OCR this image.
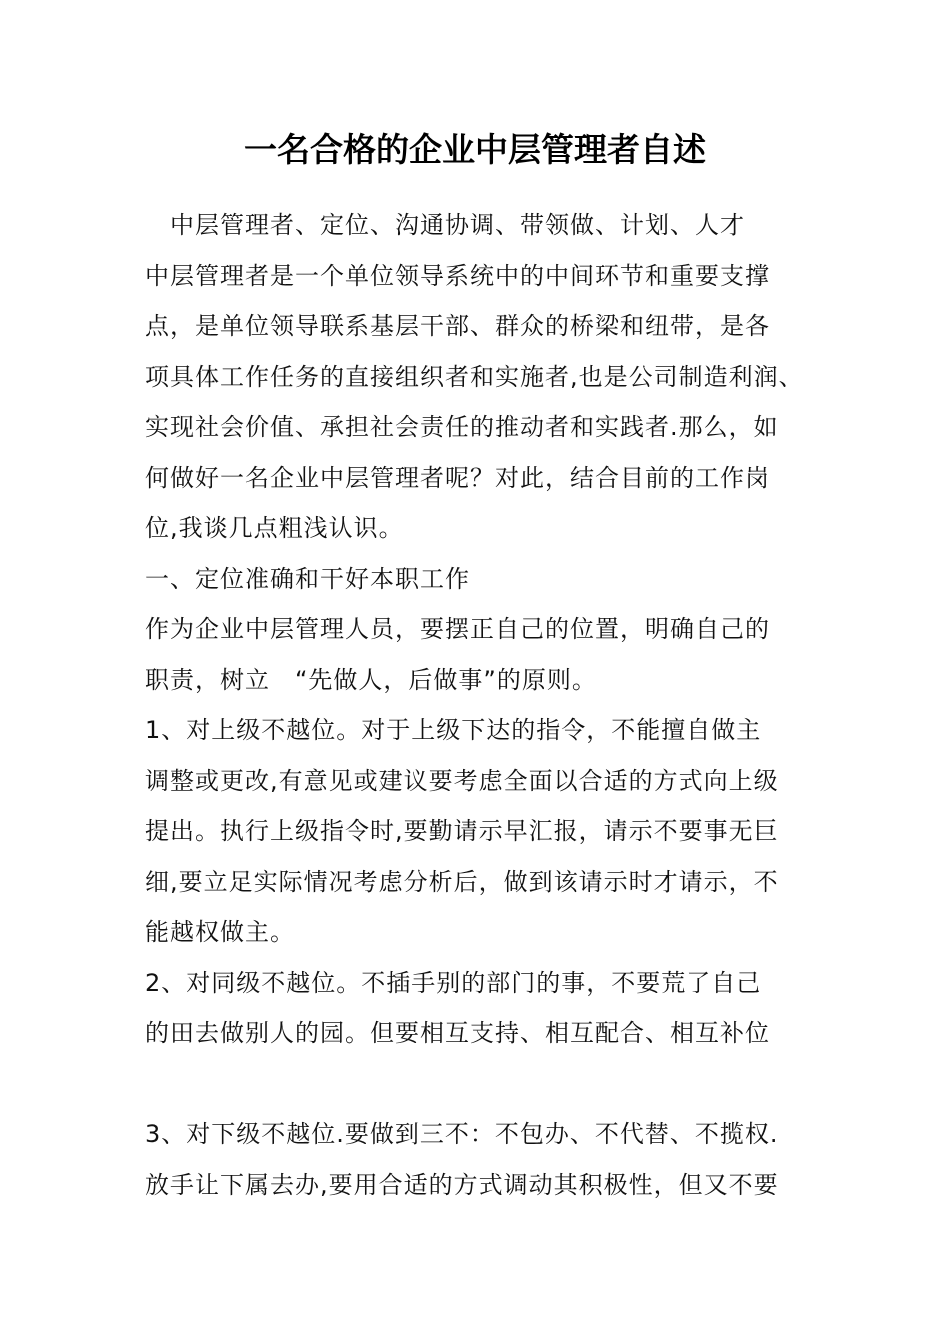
一名合格的企业中层管理者自述
　中层管理者、定位、沟通协调、带领做、计划、人才
中层管理者是一个单位领导系统中的中间环节和重要支撑
点，是单位领导联系基层干部、群众的桥梁和纽带，是各
项具体工作任务的直接组织者和实施者,也是公司制造利润、
实现社会价值、承担社会责任的推动者和实践者.那么，如
何做好一名企业中层管理者呢？对此，结合目前的工作岗
位,我谈几点粗浅认识。
一、定位准确和干好本职工作
作为企业中层管理人员，要摆正自己的位置，明确自己的
职责，树立　“先做人，后做事”的原则。
1、对上级不越位。对于上级下达的指令，不能擅自做主
调整或更改,有意见或建议要考虑全面以合适的方式向上级
提出。执行上级指令时,要勤请示早汇报，请示不要事无巨
细,要立足实际情况考虑分析后，做到该请示时才请示，不
能越权做主。
2、对同级不越位。不插手别的部门的事，不要荒了自己
的田去做别人的园。但要相互支持、相互配合、相互补位
3、对下级不越位.要做到三不：不包办、不代替、不揽权.
放手让下属去办,要用合适的方式调动其积极性，但又不要
